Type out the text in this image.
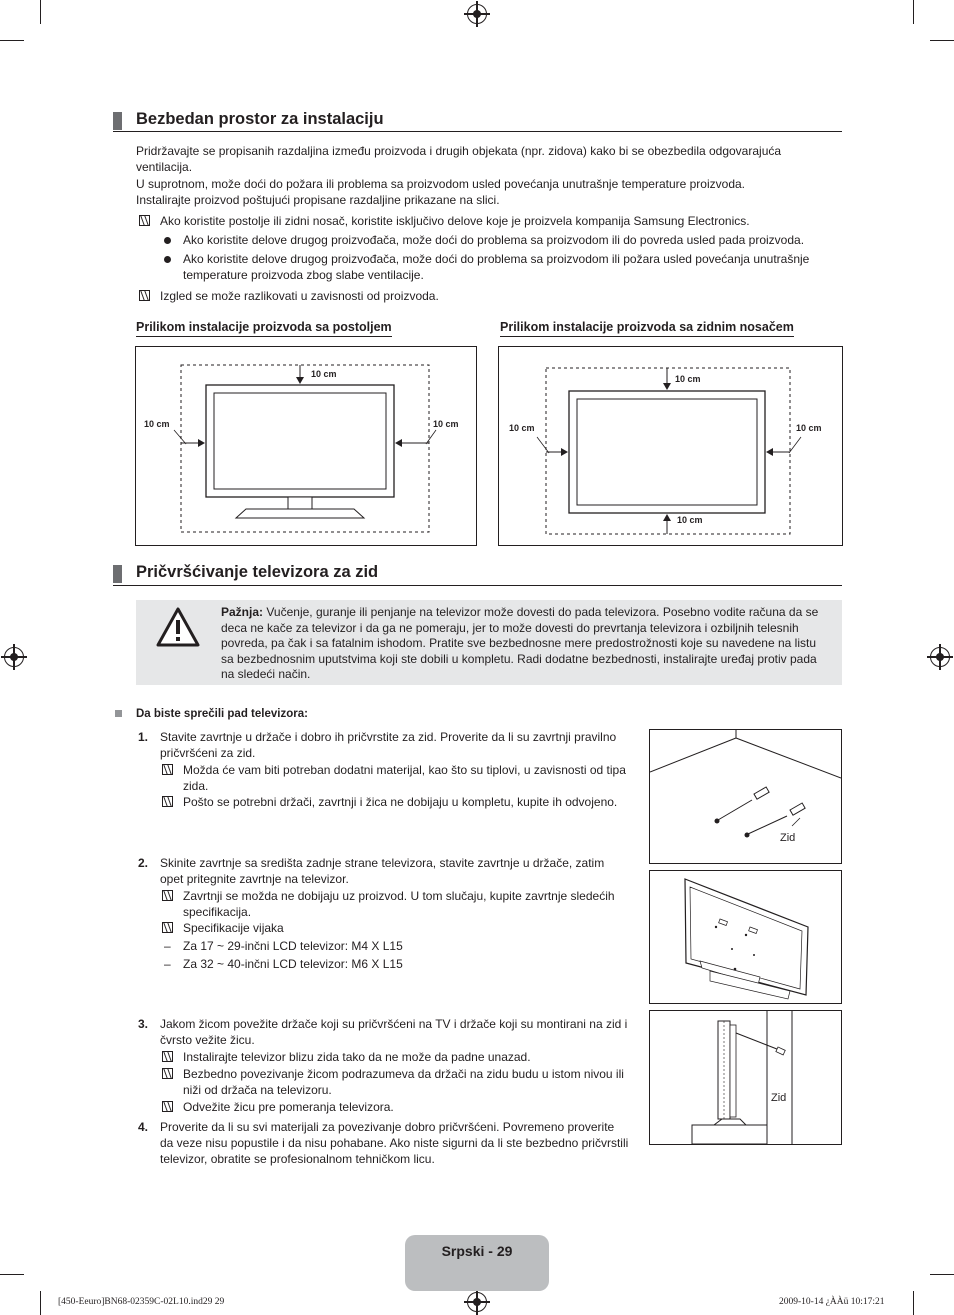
Bezbedan prostor za instalaciju
Pridržavajte se propisanih razdaljina između proizvoda i drugih objekata (npr. zidova) kako bi se obezbedila odgovarajuća ventilacija.
U suprotnom, može doći do požara ili problema sa proizvodom usled povećanja unutrašnje temperature proizvoda.
Instalirajte proizvod poštujući propisane razdaljine prikazane na slici.
Ako koristite postolje ili zidni nosač, koristite isključivo delove koje je proizvela kompanija Samsung Electronics.
Ako koristite delove drugog proizvođača, može doći do problema sa proizvodom ili do povreda usled pada proizvoda.
Ako koristite delove drugog proizvođača, može doći do problema sa proizvodom ili požara usled povećanja unutrašnje temperature proizvoda zbog slabe ventilacije.
Izgled se može razlikovati u zavisnosti od proizvoda.
Prilikom instalacije proizvoda sa postoljem	Prilikom instalacije proizvoda sa zidnim nosačem
10 cm
10 cm	10 cm
10 cm
10 cm	10 cm
10 cm
Pričvršćivanje televizora za zid
Pažnja: Vučenje, guranje ili penjanje na televizor može dovesti do pada televizora. Posebno vodite računa da se deca ne kače za televizor i da ga ne pomeraju, jer to može dovesti do prevrtanja televizora i ozbiljnih telesnih povreda, pa čak i sa fatalnim ishodom. Pratite sve bezbednosne mere predostrožnosti koje su navedene na listu sa bezbednosnim uputstvima koji ste dobili u kompletu. Radi dodatne bezbednosti, instalirajte uređaj protiv pada na sledeći način.
Da biste sprečili pad televizora:
1. Stavite zavrtnje u držače i dobro ih pričvrstite za zid. Proverite da li su zavrtnji pravilno pričvršćeni za zid.
Možda će vam biti potreban dodatni materijal, kao što su tiplovi, u zavisnosti od tipa zida.
Pošto se potrebni držači, zavrtnji i žica ne dobijaju u kompletu, kupite ih odvojeno.
2. Skinite zavrtnje sa središta zadnje strane televizora, stavite zavrtnje u držače, zatim opet pritegnite zavrtnje na televizor.
Zavrtnji se možda ne dobijaju uz proizvod. U tom slučaju, kupite zavrtnje sledećih specifikacija.
Specifikacije vijaka
– Za 17 ~ 29-inčni LCD televizor: M4 X L15
– Za 32 ~ 40-inčni LCD televizor: M6 X L15
3. Jakom žicom povežite držače koji su pričvršćeni na TV i držače koji su montirani na zid i čvrsto vežite žicu.
Instalirajte televizor blizu zida tako da ne može da padne unazad.
Bezbedno povezivanje žicom podrazumeva da držači na zidu budu u istom nivou ili niži od držača na televizoru.
Odvežite žicu pre pomeranja televizora.
4. Proverite da li su svi materijali za povezivanje dobro pričvršćeni. Povremeno proverite da veze nisu popustile i da nisu pohabane. Ako niste sigurni da li ste bezbedno pričvrstili televizor, obratite se profesionalnom tehničkom licu.
Zid
Zid
Srpski - 29
[450-Eeuro]BN68-02359C-02L10.ind29 29	2009-10-14 ¿ÀÀü 10:17:21
